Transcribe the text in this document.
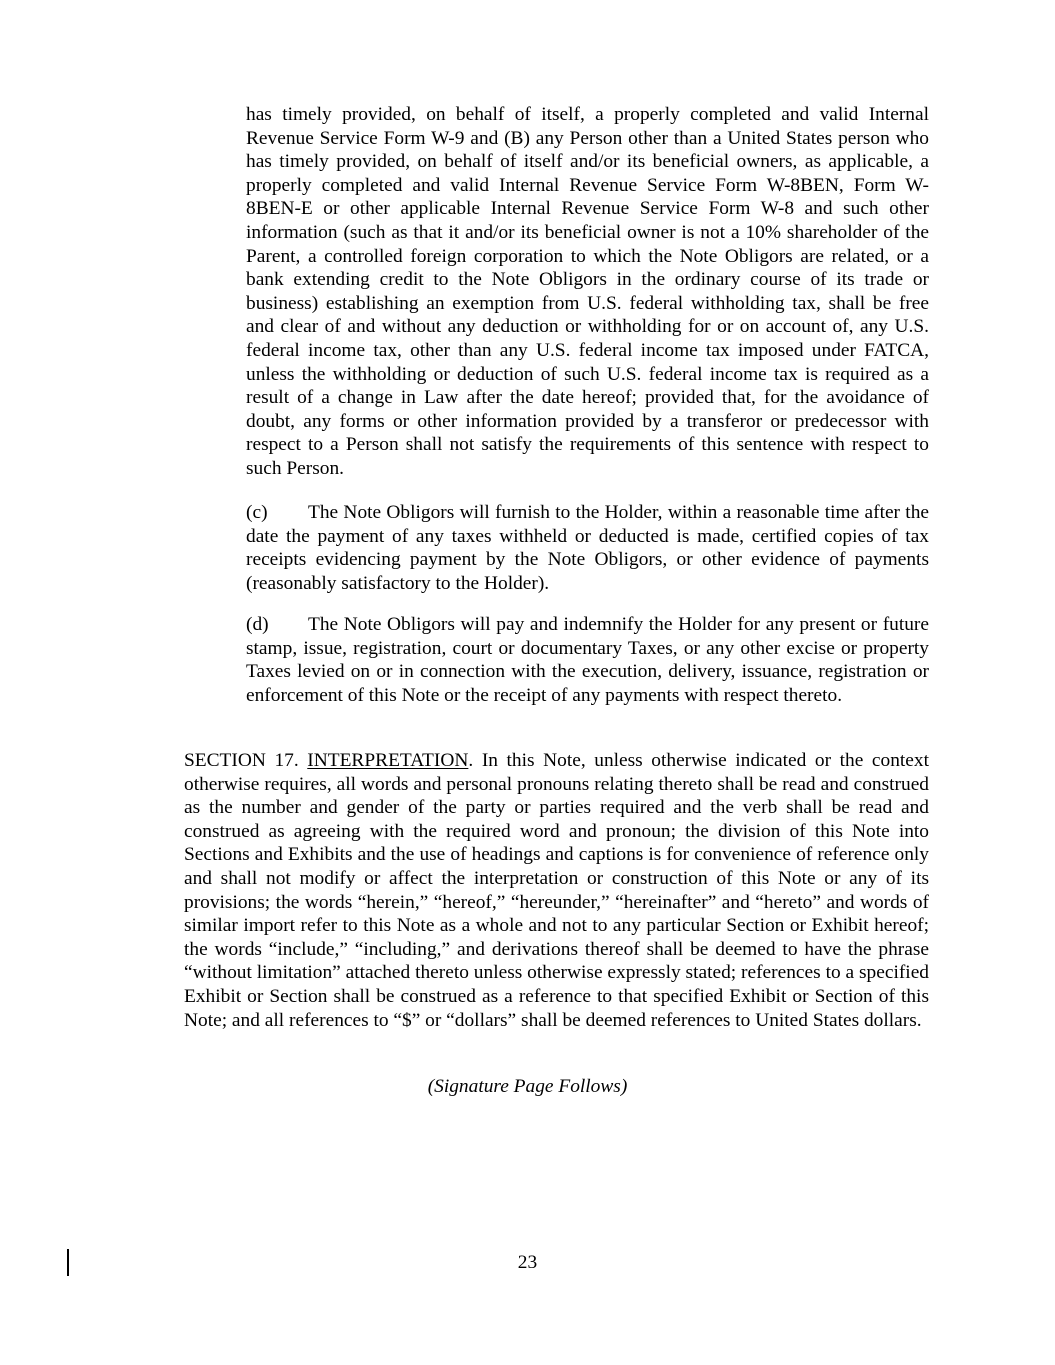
has timely provided, on behalf of itself, a properly completed and valid Internal Revenue Service Form W-9 and (B) any Person other than a United States person who has timely provided, on behalf of itself and/or its beneficial owners, as applicable, a properly completed and valid Internal Revenue Service Form W-8BEN, Form W-8BEN-E or other applicable Internal Revenue Service Form W-8 and such other information (such as that it and/or its beneficial owner is not a 10% shareholder of the Parent, a controlled foreign corporation to which the Note Obligors are related, or a bank extending credit to the Note Obligors in the ordinary course of its trade or business) establishing an exemption from U.S. federal withholding tax, shall be free and clear of and without any deduction or withholding for or on account of, any U.S. federal income tax, other than any U.S. federal income tax imposed under FATCA, unless the withholding or deduction of such U.S. federal income tax is required as a result of a change in Law after the date hereof; provided that, for the avoidance of doubt, any forms or other information provided by a transferor or predecessor with respect to a Person shall not satisfy the requirements of this sentence with respect to such Person.

(c) The Note Obligors will furnish to the Holder, within a reasonable time after the date the payment of any taxes withheld or deducted is made, certified copies of tax receipts evidencing payment by the Note Obligors, or other evidence of payments (reasonably satisfactory to the Holder).

(d) The Note Obligors will pay and indemnify the Holder for any present or future stamp, issue, registration, court or documentary Taxes, or any other excise or property Taxes levied on or in connection with the execution, delivery, issuance, registration or enforcement of this Note or the receipt of any payments with respect thereto.

SECTION 17. INTERPRETATION. In this Note, unless otherwise indicated or the context otherwise requires, all words and personal pronouns relating thereto shall be read and construed as the number and gender of the party or parties required and the verb shall be read and construed as agreeing with the required word and pronoun; the division of this Note into Sections and Exhibits and the use of headings and captions is for convenience of reference only and shall not modify or affect the interpretation or construction of this Note or any of its provisions; the words “herein,” “hereof,” “hereunder,” “hereinafter” and “hereto” and words of similar import refer to this Note as a whole and not to any particular Section or Exhibit hereof; the words “include,” “including,” and derivations thereof shall be deemed to have the phrase “without limitation” attached thereto unless otherwise expressly stated; references to a specified Exhibit or Section shall be construed as a reference to that specified Exhibit or Section of this Note; and all references to “$” or “dollars” shall be deemed references to United States dollars.

(Signature Page Follows)

23
